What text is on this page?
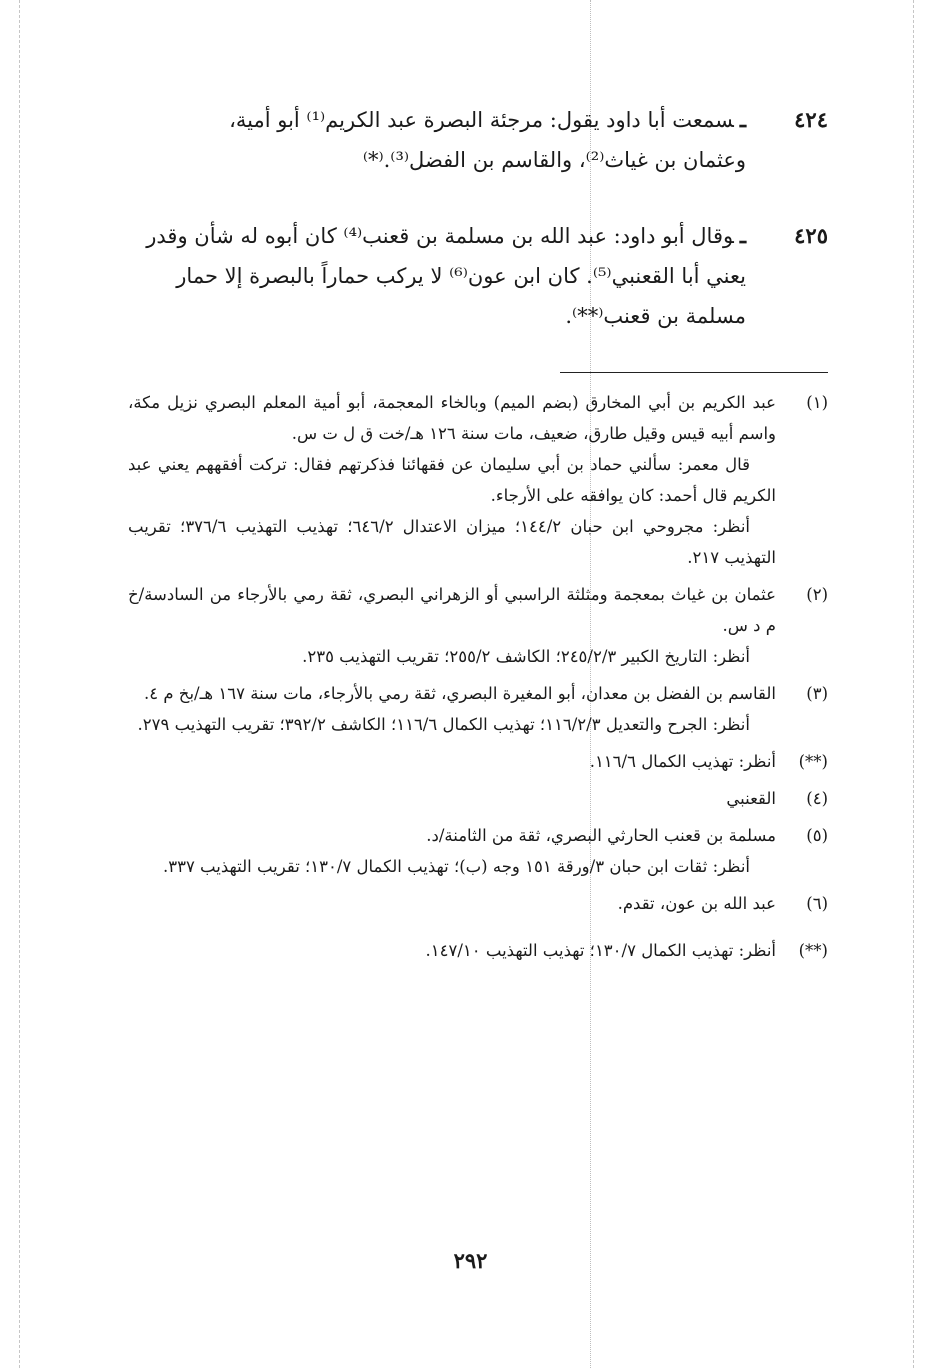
٤٢٤
ـسمعت أبا داود يقول: مرجئة البصرة عبد الكريم⁽¹⁾ أبو أمية،
وعثمان بن غياث⁽²⁾، والقاسم بن الفضل⁽³⁾.⁽*⁾
٤٢٥
ـوقال أبو داود: عبد الله بن مسلمة بن قعنب⁽⁴⁾ كان أبوه له شأن وقدر
يعني أبا القعنبي⁽⁵⁾. كان ابن عون⁽⁶⁾ لا يركب حماراً بالبصرة إلا حمار
مسلمة بن قعنب⁽**⁾.
(١)

عبد الكريم بن أبي المخارق (بضم الميم) وبالخاء المعجمة، أبو أمية المعلم البصري نزيل مكة، واسم أبيه قيس وقيل طارق، ضعيف، مات سنة ١٢٦ هـ/خت ق ل ت س.

قال معمر: سألني حماد بن أبي سليمان عن فقهائنا فذكرتهم فقال: تركت أفقههم يعني عبد الكريم قال أحمد: كان يوافقه على الأرجاء.

أنظر: مجروحي ابن حبان ١٤٤/٢؛ ميزان الاعتدال ٦٤٦/٢؛ تهذيب التهذيب ٣٧٦/٦؛ تقريب التهذيب ٢١٧.

(٢)

عثمان بن غياث بمعجمة ومثلثة الراسبي أو الزهراني البصري، ثقة رمي بالأرجاء من السادسة/خ م د س.

أنظر: التاريخ الكبير ٢٤٥/٢/٣؛ الكاشف ٢٥٥/٢؛ تقريب التهذيب ٢٣٥.

(٣)

القاسم بن الفضل بن معدان، أبو المغيرة البصري، ثقة رمي بالأرجاء، مات سنة ١٦٧ هـ/بخ م ٤.

أنظر: الجرح والتعديل ١١٦/٢/٣؛ تهذيب الكمال ١١٦/٦؛ الكاشف ٣٩٢/٢؛ تقريب التهذيب ٢٧٩.

(**)

أنظر: تهذيب الكمال ١١٦/٦.

(٤)

القعنبي

(٥)

مسلمة بن قعنب الحارثي البصري، ثقة من الثامنة/د.

أنظر: ثقات ابن حبان ٣/ورقة ١٥١ وجه (ب)؛ تهذيب الكمال ١٣٠/٧؛ تقريب التهذيب ٣٣٧.

(٦)

عبد الله بن عون، تقدم.

(**)

أنظر: تهذيب الكمال ١٣٠/٧؛ تهذيب التهذيب ١٤٧/١٠.

٢٩٢
